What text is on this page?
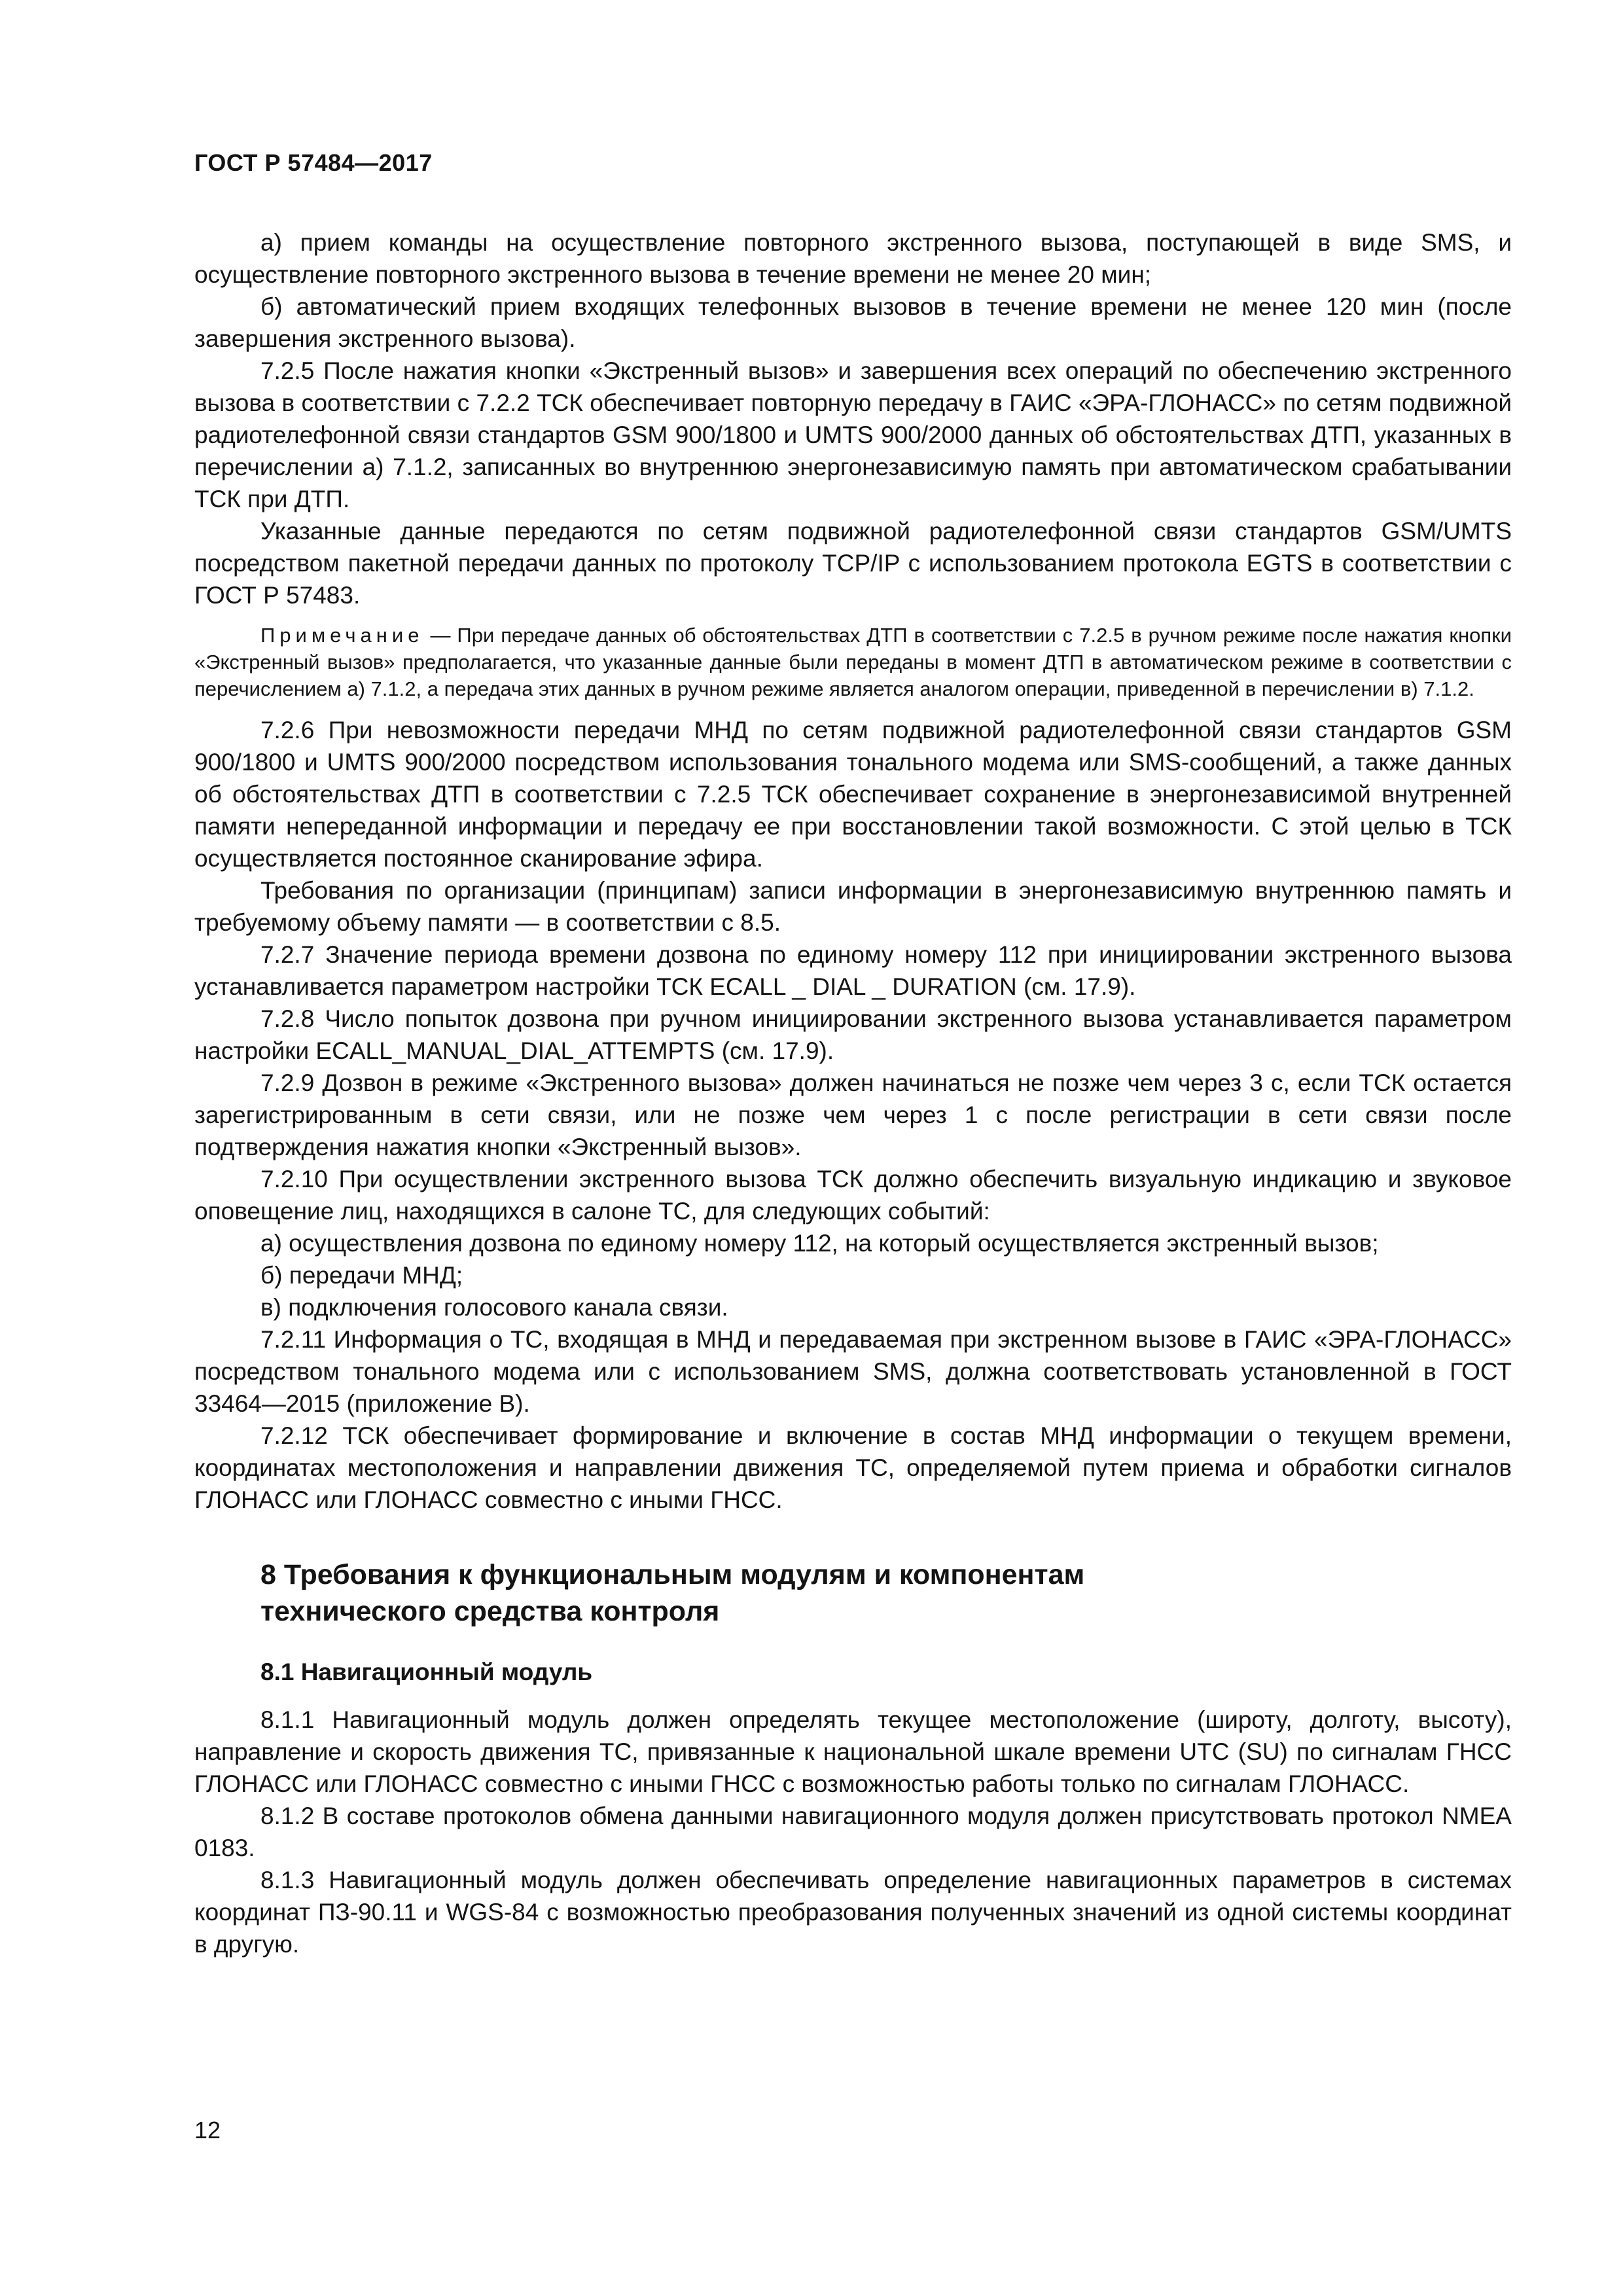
ГОСТ Р 57484—2017

а) прием команды на осуществление повторного экстренного вызова, поступающей в виде SMS, и осуществление повторного экстренного вызова в течение времени не менее 20 мин;

б) автоматический прием входящих телефонных вызовов в течение времени не менее 120 мин (после завершения экстренного вызова).

7.2.5 После нажатия кнопки «Экстренный вызов» и завершения всех операций по обеспечению экстренного вызова в соответствии с 7.2.2 ТСК обеспечивает повторную передачу в ГАИС «ЭРА-ГЛОНАСС» по сетям подвижной радиотелефонной связи стандартов GSM 900/1800 и UMTS 900/2000 данных об обстоятельствах ДТП, указанных в перечислении а) 7.1.2, записанных во внутреннюю энергонезависимую память при автоматическом срабатывании ТСК при ДТП.

Указанные данные передаются по сетям подвижной радиотелефонной связи стандартов GSM/UMTS посредством пакетной передачи данных по протоколу TCP/IP с использованием протокола EGTS в соответствии с ГОСТ Р 57483.

Примечание — При передаче данных об обстоятельствах ДТП в соответствии с 7.2.5 в ручном режиме после нажатия кнопки «Экстренный вызов» предполагается, что указанные данные были переданы в момент ДТП в автоматическом режиме в соответствии с перечислением а) 7.1.2, а передача этих данных в ручном режиме является аналогом операции, приведенной в перечислении в) 7.1.2.

7.2.6 При невозможности передачи МНД по сетям подвижной радиотелефонной связи стандартов GSM 900/1800 и UMTS 900/2000 посредством использования тонального модема или SMS-сообщений, а также данных об обстоятельствах ДТП в соответствии с 7.2.5 ТСК обеспечивает сохранение в энергонезависимой внутренней памяти непереданной информации и передачу ее при восстановлении такой возможности. С этой целью в ТСК осуществляется постоянное сканирование эфира.

Требования по организации (принципам) записи информации в энергонезависимую внутреннюю память и требуемому объему памяти — в соответствии с 8.5.

7.2.7 Значение периода времени дозвона по единому номеру 112 при инициировании экстренного вызова устанавливается параметром настройки ТСК ECALL _ DIAL _ DURATION (см. 17.9).

7.2.8 Число попыток дозвона при ручном инициировании экстренного вызова устанавливается параметром настройки ECALL_MANUAL_DIAL_ATTEMPTS (см. 17.9).

7.2.9 Дозвон в режиме «Экстренного вызова» должен начинаться не позже чем через 3 с, если ТСК остается зарегистрированным в сети связи, или не позже чем через 1 с после регистрации в сети связи после подтверждения нажатия кнопки «Экстренный вызов».

7.2.10 При осуществлении экстренного вызова ТСК должно обеспечить визуальную индикацию и звуковое оповещение лиц, находящихся в салоне ТС, для следующих событий:

а) осуществления дозвона по единому номеру 112, на который осуществляется экстренный вызов;

б) передачи МНД;

в) подключения голосового канала связи.

7.2.11 Информация о ТС, входящая в МНД и передаваемая при экстренном вызове в ГАИС «ЭРА-ГЛОНАСС» посредством тонального модема или с использованием SMS, должна соответствовать установленной в ГОСТ 33464—2015 (приложение В).

7.2.12 ТСК обеспечивает формирование и включение в состав МНД информации о текущем времени, координатах местоположения и направлении движения ТС, определяемой путем приема и обработки сигналов ГЛОНАСС или ГЛОНАСС совместно с иными ГНСС.

8 Требования к функциональным модулям и компонентам
технического средства контроля
8.1 Навигационный модуль

8.1.1 Навигационный модуль должен определять текущее местоположение (широту, долготу, высоту), направление и скорость движения ТС, привязанные к национальной шкале времени UTC (SU) по сигналам ГНСС ГЛОНАСС или ГЛОНАСС совместно с иными ГНСС с возможностью работы только по сигналам ГЛОНАСС.

8.1.2 В составе протоколов обмена данными навигационного модуля должен присутствовать протокол NMEA 0183.

8.1.3 Навигационный модуль должен обеспечивать определение навигационных параметров в системах координат ПЗ-90.11 и WGS-84 с возможностью преобразования полученных значений из одной системы координат в другую.

12
